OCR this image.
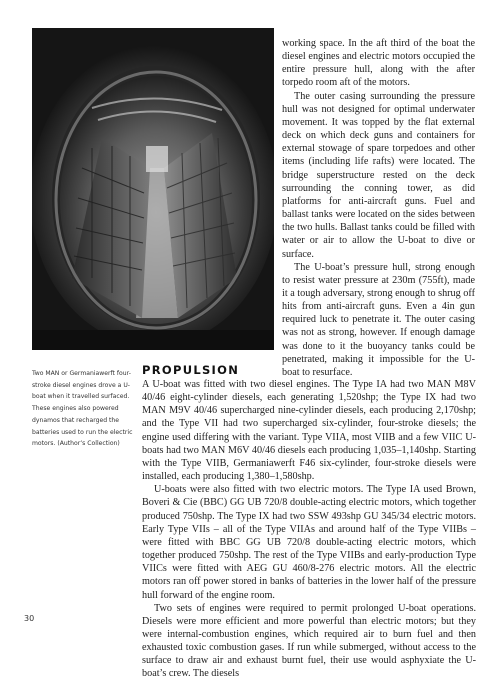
working space. In the aft third of the boat the diesel engines and electric motors occupied the entire pressure hull, along with the after torpedo room aft of the motors.

The outer casing surrounding the pressure hull was not designed for optimal underwater movement. It was topped by the flat external deck on which deck guns and containers for external stowage of spare torpedoes and other items (including life rafts) were located. The bridge superstructure rested on the deck surrounding the conning tower, as did platforms for anti-aircraft guns. Fuel and ballast tanks were located on the sides between the two hulls. Ballast tanks could be filled with water or air to allow the U-boat to dive or surface.

The U-boat’s pressure hull, strong enough to resist water pressure at 230m (755ft), made it a tough adversary, strong enough to shrug off hits from anti-aircraft guns. Even a 4in gun required luck to penetrate it. The outer casing was not as strong, however. If enough damage was done to it the buoyancy tanks could be penetrated, making it impossible for the U-boat to resurface.

Two MAN or Germaniawerft four-stroke diesel engines drove a U-boat when it travelled surfaced. These engines also powered dynamos that recharged the batteries used to run the electric motors. (Author’s Collection)
PROPULSION

A U-boat was fitted with two diesel engines. The Type IA had two MAN M8V 40/46 eight-cylinder diesels, each generating 1,520shp; the Type IX had two MAN M9V 40/46 supercharged nine-cylinder diesels, each producing 2,170shp; and the Type VII had two supercharged six-cylinder, four-stroke diesels; the engine used differing with the variant. Type VIIA, most VIIB and a few VIIC U-boats had two MAN M6V 40/46 diesels each producing 1,035–1,140shp. Starting with the Type VIIB, Germaniawerft F46 six-cylinder, four-stroke diesels were installed, each producing 1,380–1,580shp.

U-boats were also fitted with two electric motors. The Type IA used Brown, Boveri & Cie (BBC) GG UB 720/8 double-acting electric motors, which together produced 750shp. The Type IX had two SSW 493shp GU 345/34 electric motors. Early Type VIIs – all of the Type VIIAs and around half of the Type VIIBs – were fitted with BBC GG UB 720/8 double-acting electric motors, which together produced 750shp. The rest of the Type VIIBs and early-production Type VIICs were fitted with AEG GU 460/8-276 electric motors. All the electric motors ran off power stored in banks of batteries in the lower half of the pressure hull forward of the engine room.

Two sets of engines were required to permit prolonged U-boat operations. Diesels were more efficient and more powerful than electric motors; but they were internal-combustion engines, which required air to burn fuel and then exhausted toxic combustion gases. If run while submerged, without access to the surface to draw air and exhaust burnt fuel, their use would asphyxiate the U-boat’s crew. The diesels

30
